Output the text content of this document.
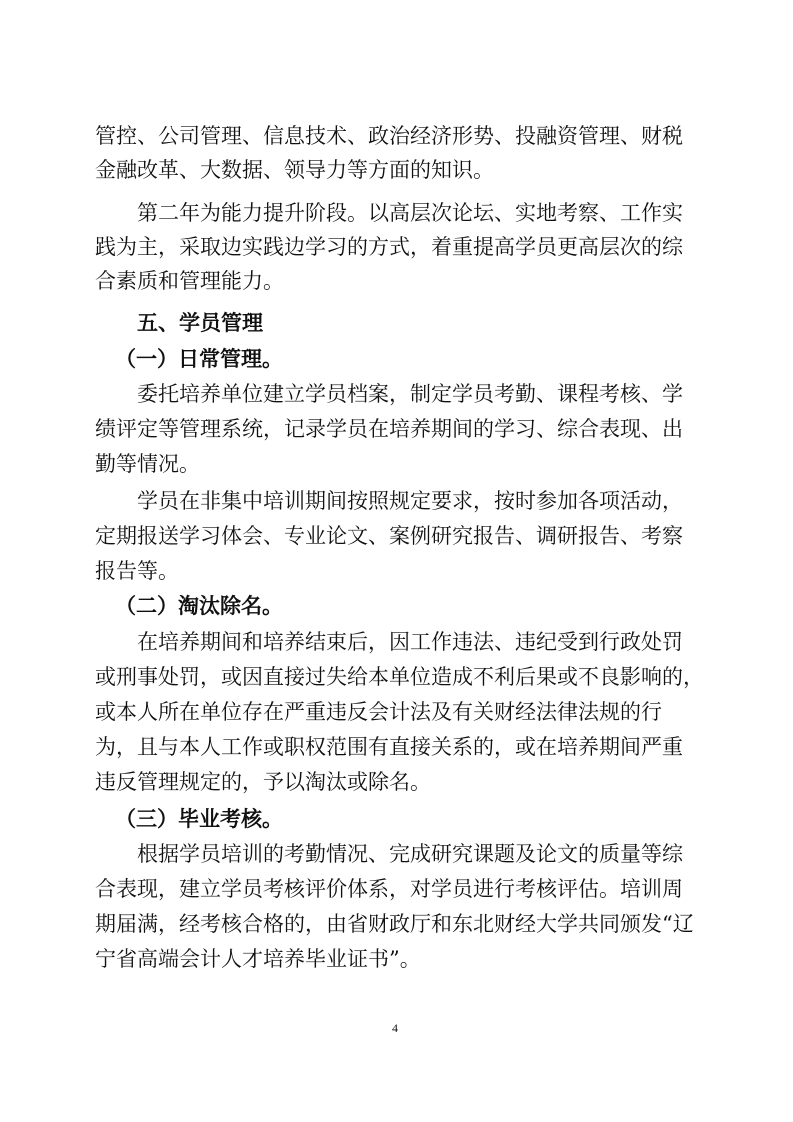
管控、公司管理、信息技术、政治经济形势、投融资管理、财税
金融改革、大数据、领导力等方面的知识。
第二年为能力提升阶段。以高层次论坛、实地考察、工作实
践为主，采取边实践边学习的方式，着重提高学员更高层次的综
合素质和管理能力。
五、学员管理
（一）日常管理。
委托培养单位建立学员档案，制定学员考勤、课程考核、学
绩评定等管理系统，记录学员在培养期间的学习、综合表现、出
勤等情况。
学员在非集中培训期间按照规定要求，按时参加各项活动，
定期报送学习体会、专业论文、案例研究报告、调研报告、考察
报告等。
（二）淘汰除名。
在培养期间和培养结束后，因工作违法、违纪受到行政处罚
或刑事处罚，或因直接过失给本单位造成不利后果或不良影响的，
或本人所在单位存在严重违反会计法及有关财经法律法规的行
为，且与本人工作或职权范围有直接关系的，或在培养期间严重
违反管理规定的，予以淘汰或除名。
（三）毕业考核。
根据学员培训的考勤情况、完成研究课题及论文的质量等综
合表现，建立学员考核评价体系，对学员进行考核评估。培训周
期届满，经考核合格的，由省财政厅和东北财经大学共同颁发“辽
宁省高端会计人才培养毕业证书”。
4
